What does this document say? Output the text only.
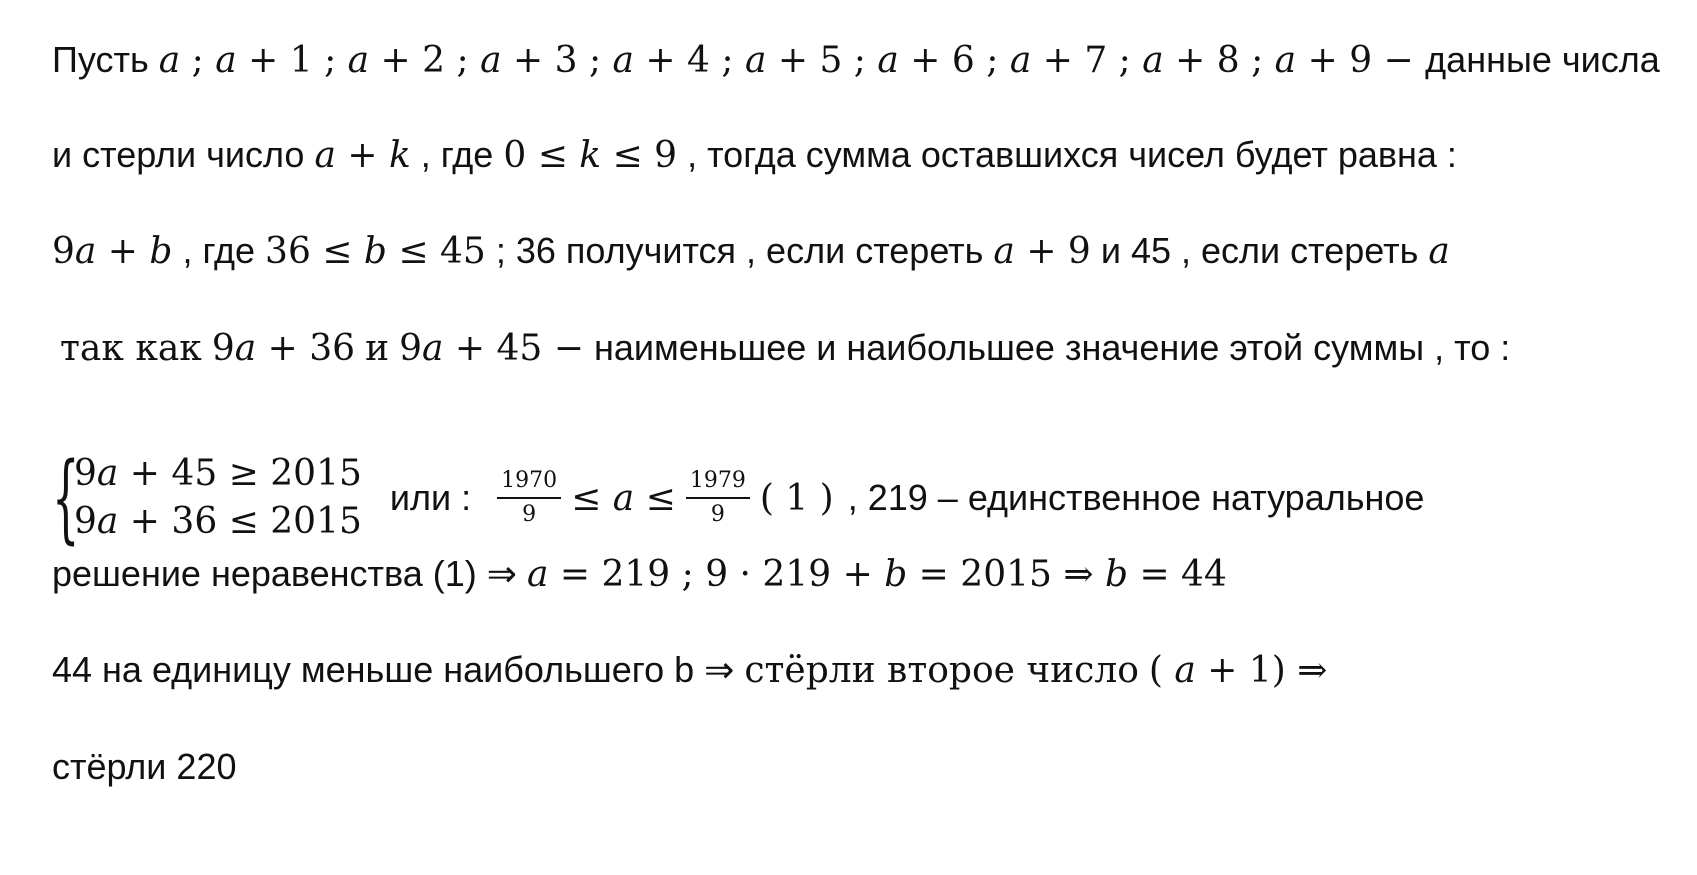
Пусть 𝑎 ; 𝑎 + 1 ; 𝑎 + 2 ; 𝑎 + 3 ; 𝑎 + 4 ; 𝑎 + 5 ; 𝑎 + 6 ; 𝑎 + 7 ; 𝑎 + 8 ; 𝑎 + 9 − данные числа
и стерли число 𝑎 + 𝑘 , где 0 ≤ 𝑘 ≤ 9 , тогда сумма оставшихся чисел будет равна :
9𝑎 + 𝑏 , где 36 ≤ 𝑏 ≤ 45 ; 36 получится , если стереть 𝑎 + 9 и 45 , если стереть 𝑎
так как 9𝑎 + 36 и 9𝑎 + 45 − наименьшее и наибольшее значение этой суммы , то :
{
9𝑎 + 45 ≥ 2015
9𝑎 + 36 ≤ 2015
или : $\frac{1970}{9}$ ≤ 𝑎 ≤ $\frac{1979}{9}$ ( 1 ) , 219 – единственное натуральное
решение неравенства (1) ⇒ 𝑎 = 219 ; 9 · 219 + 𝑏 = 2015 ⇒ 𝑏 = 44
44 на единицу меньше наибольшего b ⇒ стёрли второе число ( 𝑎 + 1) ⇒
стёрли 220
